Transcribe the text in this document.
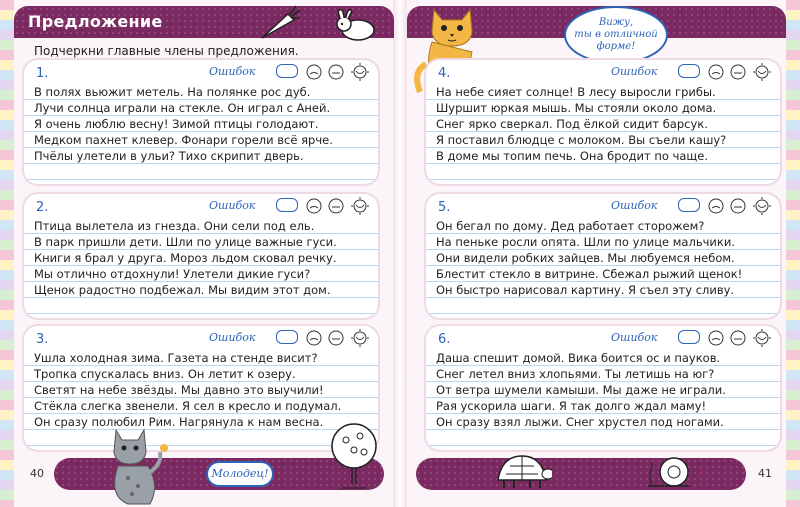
Предложение
Подчеркни главные члены предложения.
Вижу,
ты в отличной
форме!
1.	Ошибок
В полях вьюжит метель. На полянке рос дуб.
Лучи солнца играли на стекле. Он играл с Аней.
Я очень люблю весну! Зимой птицы голодают.
Медком пахнет клевер. Фонари горели всё ярче.
Пчёлы улетели в ульи? Тихо скрипит дверь.
2.	Ошибок
Птица вылетела из гнезда. Они сели под ель.
В парк пришли дети. Шли по улице важные гуси.
Книги я брал у друга. Мороз льдом сковал речку.
Мы отлично отдохнули! Улетели дикие гуси?
Щенок радостно подбежал. Мы видим этот дом.
3.	Ошибок
Ушла холодная зима. Газета на стенде висит?
Тропка спускалась вниз. Он летит к озеру.
Светят на небе звёзды. Мы давно это выучили!
Стёкла слегка звенели. Я сел в кресло и подумал.
Он сразу полюбил Рим. Нагрянула к нам весна.
4.	Ошибок
На небе сияет солнце! В лесу выросли грибы.
Шуршит юркая мышь. Мы стояли около дома.
Снег ярко сверкал. Под ёлкой сидит барсук.
Я поставил блюдце с молоком. Вы съели кашу?
В доме мы топим печь. Она бродит по чаще.
5.	Ошибок
Он бегал по дому. Дед работает сторожем?
На пеньке росли опята. Шли по улице мальчики.
Они видели робких зайцев. Мы любуемся небом.
Блестит стекло в витрине. Сбежал рыжий щенок!
Он быстро нарисовал картину. Я съел эту сливу.
6.	Ошибок
Даша спешит домой. Вика боится ос и пауков.
Снег летел вниз хлопьями. Ты летишь на юг?
От ветра шумели камыши. Мы даже не играли.
Рая ускорила шаги. Я так долго ждал маму!
Он сразу взял лыжи. Снег хрустел под ногами.
40	41
Молодец!
